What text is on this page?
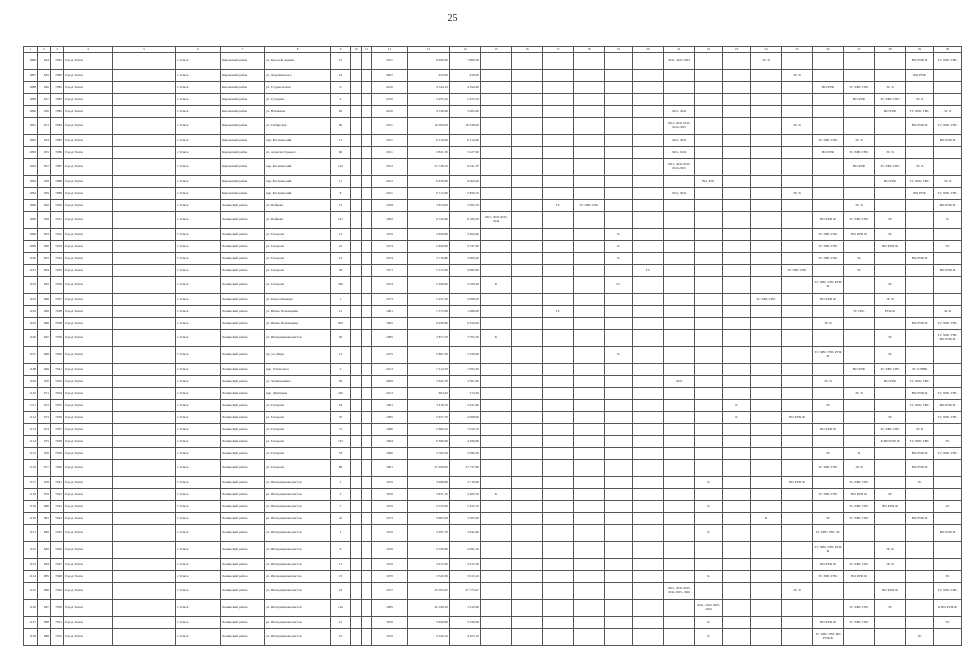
25
1	2	3	4	5	6	7	8	9	10	11	12	13	14	15	16	17	18	19	20	21	22	23	24	25	26	27	28	29	30
1086	644	7081	Город Томск		г. Томск	Кировский район	ул. Красной Армии	27			2011	9 960,60	7 866,28							ЛО1, ЛО2 ЛО3			ЭС Х					ВО РУФ Ф	ТС ХВС ГВС
1087	645	7085	Город Томск		г. Томск	Кировский район	ул. Дзержинского	43			2007	925,00	918,00											ЭС Х				ВО РУФ	
1088	646	7082	Город Томск		г. Томск	Кировский район	ул. Студенческая	6			2010	4 544,10	4 394,60												ВО РУФ	ТС ХВС ГВС	ЭС Х		
1089	647	7083	Город Томск		г. Томск	Кировский район	ул. Сухарева	4			2010	5 955,10	5 455,10													ВО РУФ	ТС ХВС ГВС	ЭС Х	
1090	650	7082	Город Томск		г. Томск	Кировский район	ул. Нахимова	20			2010	4 536,90	3 965,00							ЛО1, ЛО2							ВО РУФ	ТС ХВС ГВС	ЭС Х
1091	651	7084	Город Томск		г. Томск	Кировский район	ул. Сибирская	60			2011	16 300,00	16 338,20							ЛО1, ЛО2 ЛО3, ЛО4 ЛО5				ЭС Х				ВО РУФ Ф	ТС ХВС ГВС
1092	653	7085	Город Томск		г. Томск	Кировский район	пер. Богашев-кий	13			2011	6 510,00	6 314,00							ЛО1, ЛО2					ТС ХВС ГВС	ЭС Х			ВО РУФ Ф
1093	655	7086	Город Томск		г. Томск	Кировский район	ул. Алексея Горького	60			2011	3 831,50	3 227,00							ЛО1, ЛО2					ВО РУФ	ТС ХВС ГВС	ЭС Х		
1093	657	7087	Город Томск		г. Томск	Кировский район	пер. Богашев-кий	12а			2012	21 748,70	9 541,70							ЛО1, ЛО2 ЛО3, ЛО4 ЛО5						ВО РУФ	ТС ХВС ГВС	ЭС Х	
1094	658	7088	Город Томск		г. Томск	Кировский район	пер. Богашев-кий	11			2012	6 458,90	6 009,40								ВО, РО1						ВО РУФ	ТС ХВС ГВС	ЭС Х
1094	659	7089	Город Томск		г. Томск	Кировский район	пер. Богашев-кий	8			2011	6 712,00	5 856,10							ЛО1, ЛО2				ЭС Х				ВО РУФ	ТС ХВС ГВС
1096	662	7030	Город Томск		г. Томск	Ленинский район	ул. Войкова	15			1958	3 874,00	3 563,70			ГС	ТС ХВС ГВС									ЭС Х			ВО РУФ Ф
1096	658	7031	Город Томск		г. Томск	Ленинский район	ул. Войкова	101			1992	6 743,60	6 160,30	ЛО1, ЛО2 ЛО3, ЛО4											ВО РУФ Ф	ТС ХВС ГВС	ЭС		К
1098	633	7032	Город Томск		г. Томск	Ленинский район	ул. Говорова	15			1976	3 628,60	3 464,00					К							ТС ХВС ГВС	ВО РУФ Ф	ЭС		
1099	660	7033	Город Томск		г. Томск	Ленинский район	ул. Говорова	25			1974	2 629,00	2 537,90					К							ТС ХВС ГВС		ВО РУФ Ф		ЭС
1100	661	7034	Город Томск		г. Томск	Ленинский район	ул. Говорова	23			1974	2 716,80	2 609,40					К							ТС ХВС ГВС	ЭС		ВО РУФ Ф	
1101	664	7035	Город Томск		г. Томск	Ленинский район	ул. Говорова	36			1971	5 315,60	4 992,90						ГС					ТС ХВС ГВС		ЭС			ВО РУФ Ф
1102	665	7036	Город Томск		г. Томск	Ленинский район	ул. Говорова	36а			1974	5 268,40	4 708,40	К				ГС							ТС ХВС ГВС РУФ Ф		ЭС		
1103	666	7037	Город Томск		г. Томск	Ленинский район	ул. Карла Ильмера	1			1973	5 257,20	4 998,20										ТС ХВС ГВС		ВО РУФ Ф		ЭС К		
1104	668	7038	Город Томск		г. Томск	Ленинский район	ул. Ивана Пономарёва	12			1961	1 573,00	1 986,00			ГС										ТС ГВС	РУФ Ф		ЭС К
1105	666	7038	Город Томск		г. Томск	Ленинский район	ул. Ивана Пономарёва	205			1995	6 958,60	6 356,40												ЭС К			ВО РУФ Ф	ТС ХВС ГВС
1106	667	7039	Город Томск		г. Томск	Ленинский район	ул. Интернационалистов	36			1985	3 873,70	3 705,20	К													ЭС		ТС ХВС ГВС ВО РУФ Ф
1107	668	7040	Город Томск		г. Томск	Ленинский район	пр. ул. Мира	15			1975	5 891,30	5 256,90					К							ТС ХВС ГВС РУФ Ф		ЭС		
1108	669	7041	Город Томск		г. Томск	Ленинский район	пер. Успенского	2			2013	1 514,70	1 993,20													ВО РУФ	ТС ХВС ГВС	ЭС Х ВВК	
1109	670	7032	Город Томск		г. Томск	Ленинский район	ул. Залинушкина	36			2009	3 642,70	3 501,00							ЛО1					ЭС Х		ВО РУФ	ТС ХВС ГВС	
1110	671	7034	Город Томск		г. Томск	Ленинский район	пер. Дмитриев	23б			2013	904,20	313,20													ЭС Х		ВО РУФ Ф	ТС ХВС ГВС
1111	672	7035	Город Томск		г. Томск	Ленинский район	ул. Говорова	64			1981	3 418,70	3 947,90									К			ЭС			ТС ХВС ГВС	ВО РУФ Ф
1112	673	7036	Город Томск		г. Томск	Ленинский район	ул. Говорова	70			1985	5 937,70	4 998,90									К		ВО РУФ Ф			ЭС		ТС ХВС ГВС
1113	674	7037	Город Томск		г. Томск	Ленинский район	ул. Говорова	7а			1980	2 609,10	1 910,70												ВО РУФ Ф		ТС ХВС ГВС	ЭС К	
1114	675	7038	Город Томск		г. Томск	Ленинский район	ул. Говорова	7а3			1994	6 309,60	4 299,60														К ВО РУФ Ф	ТС ХВС ГВС	ЭС
1115	676	7039	Город Томск		г. Томск	Ленинский район	ул. Говорова	78			1990	3 782,50	3 096,30												ЭС	К		ВО РУФ Ф	ТС ХВС ГВС
1116	677	7040	Город Томск		г. Томск	Ленинский район	ул. Говорова	86			1991	27 299,00	27 737,99												ТС ХВС ГВС	ЭС К		ВО РУФ Ф	
1117	678	7041	Город Томск		г. Томск	Ленинский район	ул. Интернационалистов	1			1976	3 998,90	3 718,00								К			ВО РУФ Ф		ТС ХВС ГВС		ЭС	
1118	679	7042	Город Томск		г. Томск	Ленинский район	ул. Интернационалистов	3			1976	3 831,10	3 463,70	К											ТС ХВС ГВС	ВО РУФ Ф	ЭС		
1119	680	7043	Город Томск		г. Томск	Ленинский район	ул. Интернационалистов	5			1976	2 552,90	2 422,70								К					ТС ХВС ГВС	ВО РУФ Ф		ЭС
1120	681	7044	Город Томск		г. Томск	Ленинский район	ул. Интернационалистов	4а			1973	3 963,20	3 563,09										К		ЭС	ТС ХВС ГВС		ВО РУФ Ф	
1121	682	7045	Город Томск		г. Томск	Ленинский район	ул. Интернационалистов	1			1976	3 267,70	3 942,60								К				ТС ХВС ГВС ЭС				ВО РУФ Ф
1122	682	7046	Город Томск		г. Томск	Ленинский район	ул. Интернационалистов	9			1976	5 558,90	4 995,10												ТС ХВС ГВС РУФ Ф		ЭС К		
1123	684	7047	Город Томск		г. Томск	Ленинский район	ул. Интернационалистов	13			1976	3 915,30	3 915,30												ВО РУФ Ф	ТС ХВС ГВС	ЭС К		
1124	685	7048	Город Томск		г. Томск	Ленинский район	ул. Интернационалистов	15			1976	3 340,50	3 913,19								К				ТС ХВС ГВС	ВО РУФ Ф			ЭС
1125	686	7049	Город Томск		г. Томск	Ленинский район	ул. Интернационалистов	19			1977	25 595,87	27 775,97							ЛО1, ЛО2 ЛО3, ЛО4 ЛО5, ЛО6				ЭС Х			ВО РУФ Ф		ТС ХВС ГВС
1126	687	7050	Город Томск		г. Томск	Ленинский район	ул. Интернационалистов	19а			1985	20 198,10	1 910,60								ЛО1, ЛО2 ЛО3, ЛО4					ТС ХВС ГВС	ЭС		К ВО РУФ Ф
1127	688	7051	Город Томск		г. Томск	Ленинский район	ул. Интернационалистов	21			1976	3 640,90	3 339,60								К				ВО РУФ Ф	ТС ХВС ГВС			ЭС
1128	689	7052	Город Томск		г. Томск	Ленинский район	ул. Интернационалистов	25			1976	5 540,10	4 205,10								К				ТС ХВС ГВС ВО РУФ Ф			ЭС	
